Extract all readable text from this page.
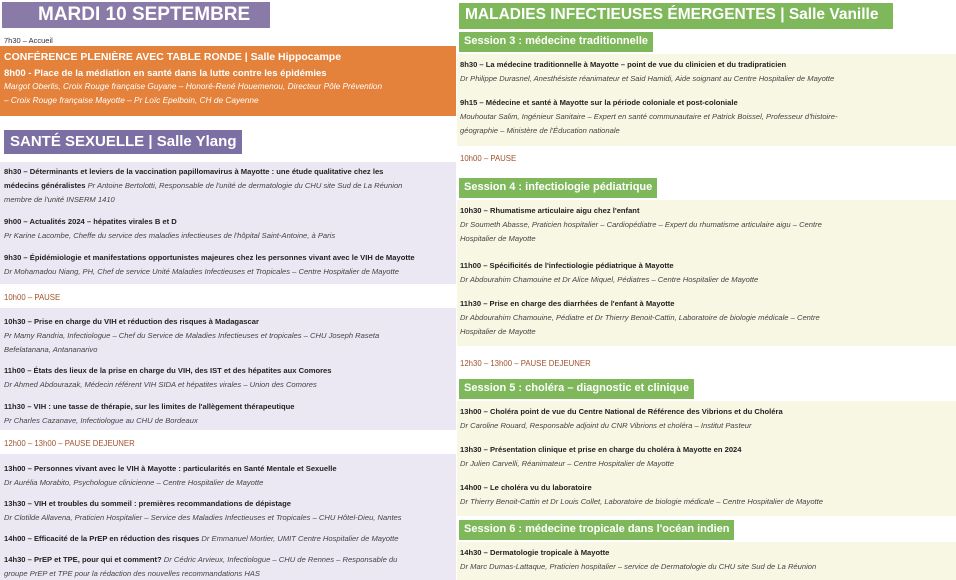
MARDI 10 SEPTEMBRE
7h30 – Accueil
CONFÉRENCE PLENIÈRE AVEC TABLE RONDE | Salle Hippocampe
8h00 - Place de la médiation en santé dans la lutte contre les épidémies
Margot Oberlis, Croix Rouge française Guyane – Honoré-René Houemenou, Directeur Pôle Prévention
– Croix Rouge française Mayotte – Pr Loïc Epelboin, CH de Cayenne
SANTÉ SEXUELLE | Salle Ylang
8h30 – Déterminants et leviers de la vaccination papillomavirus à Mayotte : une étude qualitative chez les
médecins généralistes Pr Antoine Bertolotti, Responsable de l'unité de dermatologie du CHU site Sud de La Réunion
membre de l'unité INSERM 1410
9h00 – Actualités 2024 – hépatites virales B et D
Pr Karine Lacombe, Cheffe du service des maladies infectieuses de l'hôpital Saint-Antoine, à Paris
9h30 – Épidémiologie et manifestations opportunistes majeures chez les personnes vivant avec le VIH de Mayotte
Dr Mohamadou Niang, PH, Chef de service Unité Maladies Infectieuses et Tropicales – Centre Hospitalier de Mayotte
10h00 – PAUSE
10h30 – Prise en charge du VIH et réduction des risques à Madagascar
Pr Mamy Randria, Infectiologue – Chef du Service de Maladies Infectieuses et tropicales – CHU Joseph Raseta
Befelatanana, Antananarivo
11h00 – États des lieux de la prise en charge du VIH, des IST et des hépatites aux Comores
Dr Ahmed Abdourazak, Médecin référent VIH SIDA et hépatites virales – Union des Comores
11h30 – VIH : une tasse de thérapie, sur les limites de l'allègement thérapeutique
Pr Charles Cazanave, Infectiologue au CHU de Bordeaux
12h00 – 13h00 – PAUSE DEJEUNER
13h00 – Personnes vivant avec le VIH à Mayotte : particularités en Santé Mentale et Sexuelle
Dr Aurélia Morabito, Psychologue clinicienne – Centre Hospitalier de Mayotte
13h30 – VIH et troubles du sommeil : premières recommandations de dépistage
Dr Clotilde Allavena, Praticien Hospitalier – Service des Maladies Infectieuses et Tropicales – CHU Hôtel-Dieu, Nantes
14h00 – Efficacité de la PrEP en réduction des risques Dr Emmanuel Mortier, UMIT Centre Hospitalier de Mayotte
14h30 – PrEP et TPE, pour qui et comment? Dr Cédric Arvieux, Infectiologue – CHU de Rennes – Responsable du
groupe PrEP et TPE pour la rédaction des nouvelles recommandations HAS
MALADIES INFECTIEUSES ÉMERGENTES | Salle Vanille
Session 3 : médecine traditionnelle
8h30 – La médecine traditionnelle à Mayotte – point de vue du clinicien et du tradipraticien
Dr Philippe Durasnel, Anesthésiste réanimateur et Said Hamidi, Aide soignant au Centre Hospitalier de Mayotte
9h15 – Médecine et santé à Mayotte sur la période coloniale et post-coloniale
Mouhoutar Salim, Ingénieur Sanitaire – Expert en santé communautaire et Patrick Boissel, Professeur d'histoire-
géographie – Ministère de l'Éducation nationale
10h00 – PAUSE
Session 4 : infectiologie pédiatrique
10h30 – Rhumatisme articulaire aigu chez l'enfant
Dr Soumeth Abasse, Praticien hospitalier – Cardiopédiatre – Expert du rhumatisme articulaire aigu – Centre
Hospitalier de Mayotte
11h00 – Spécificités de l'infectiologie pédiatrique à Mayotte
Dr Abdourahim Chamouine et Dr Alice Miquel, Pédiatres – Centre Hospitalier de Mayotte
11h30 – Prise en charge des diarrhées de l'enfant à Mayotte
Dr Abdourahim Chamouine, Pédiatre et Dr Thierry Benoit-Cattin, Laboratoire de biologie médicale – Centre
Hospitalier de Mayotte
12h30 – 13h00 – PAUSE DEJEUNER
Session 5 : choléra – diagnostic et clinique
13h00 – Choléra point de vue du Centre National de Référence des Vibrions et du Choléra
Dr Caroline Rouard, Responsable adjoint du CNR Vibrions et choléra – Institut Pasteur
13h30 – Présentation clinique et prise en charge du choléra à Mayotte en 2024
Dr Julien Carvelli, Réanimateur – Centre Hospitalier de Mayotte
14h00 – Le choléra vu du laboratoire
Dr Thierry Benoit-Cattin et Dr Louis Collet, Laboratoire de biologie médicale – Centre Hospitalier de Mayotte
Session 6 : médecine tropicale dans l'océan indien
14h30 – Dermatologie tropicale à Mayotte
Dr Marc Dumas-Lattaque, Praticien hospitalier – service de Dermatologie du CHU site Sud de La Réunion
